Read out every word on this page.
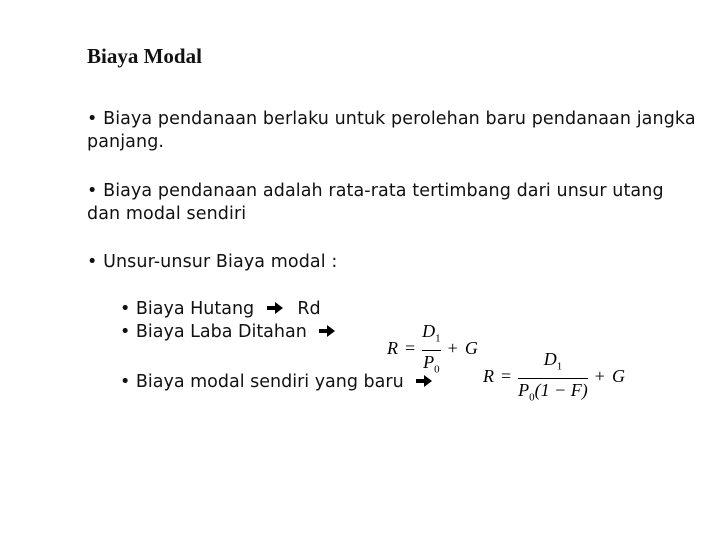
Biaya Modal
• Biaya pendanaan berlaku untuk perolehan baru pendanaan jangka panjang.
• Biaya pendanaan adalah rata-rata tertimbang dari unsur utang dan modal sendiri
• Unsur-unsur Biaya modal :
• Biaya Hutang Rd
• Biaya Laba Ditahan
• Biaya modal sendiri yang baru
$R = \frac{D_1}{P_0} + G$
$R = \frac{D_1}{P_0(1 - F)} + G$
